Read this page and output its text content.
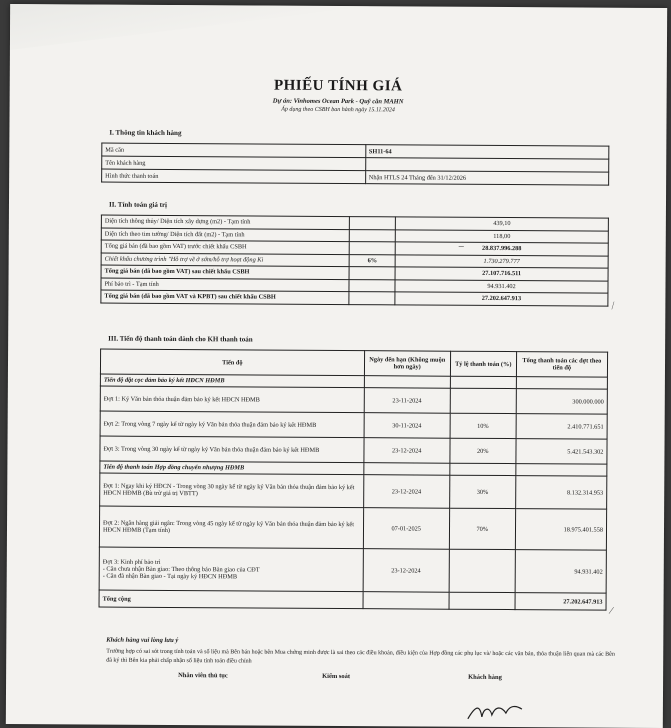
PHIẾU TÍNH GIÁ
Dự án: Vinhomes Ocean Park - Quỹ căn MAHN
Áp dụng theo CSBH ban hành ngày 15.11.2024
I. Thông tin khách hàng
Mã căn	SH11-64
Tên khách hàng	
Hình thức thanh toán	Nhận HTLS 24 Tháng đến 31/12/2026
II. Tính toán giá trị
Diện tích thông thủy/ Diện tích xây dựng (m2) - Tạm tính		439,10
Diện tích theo tim tường/ Diện tích đất (m2) - Tạm tính		118,00
Tổng giá bán (đã bao gồm VAT) trước chiết khấu CSBH		28.837.996.288
Chiết khấu chương trình "Hỗ trợ về ở sớm/hỗ trợ hoạt động Ki	6%	1.730.279.777
Tổng giá bán (đã bao gồm VAT) sau chiết khấu CSBH		27.107.716.511
Phí bảo trì - Tạm tính		94.931.402
Tổng giá bán (đã bao gồm VAT và KPBT) sau chiết khấu CSBH		27.202.647.913
–
⁄
III. Tiến độ thanh toán dành cho KH thanh toán
Tiến độ	Ngày đến hạn (Không muộn hơn ngày)	Tỷ lệ thanh toán (%)	Tổng thanh toán các đợt theo tiến độ
Tiến độ đặt cọc đảm bảo ký kết HĐCN HĐMB			
Đợt 1: Ký Văn bản thỏa thuận đảm bảo ký kết HĐCN HĐMB	23-11-2024		300.000.000
Đợt 2: Trong vòng 7 ngày kể từ ngày ký Văn bản thỏa thuận đảm bảo ký kết HĐMB	30-11-2024	10%	2.410.771.651
Đợt 3: Trong vòng 30 ngày kể từ ngày ký Văn bản thỏa thuận đảm bảo ký kết HĐMB	23-12-2024	20%	5.421.543.302
Tiến độ thanh toán Hợp đồng chuyển nhượng HĐMB			
Đợt 1: Ngay khi ký HĐCN - Trong vòng 30 ngày kể từ ngày ký Văn bản thỏa thuận đảm bảo ký kết HĐCN HĐMB (Bù trừ giá trị VBTT)	23-12-2024	30%	8.132.314.953
Đợt 2: Ngân hàng giải ngân: Trong vòng 45 ngày kể từ ngày ký Văn bản thỏa thuận đảm bảo ký kết HĐCN HĐMB (Tạm tính)	07-01-2025	70%	18.975.401.558
Đợt 3: Kinh phí bảo trì
- Căn chưa nhận Bàn giao: Theo thông báo Bàn giao của CĐT
- Căn đã nhận Bàn giao - Tại ngày ký HĐCN HĐMB	23-12-2024		94.931.402
Tổng cộng			27.202.647.913
⁄
Khách hàng vui lòng lưu ý
Trường hợp có sai sót trong tính toán và số liệu mà Bên bán hoặc bên Mua chứng minh được là sai theo các điều khoản, điều kiện của Hợp đồng các phụ lục và/ hoặc các văn bản, thỏa thuận liên quan mà các Bên đã ký thì Bên kia phải chấp nhận số liệu tính toán điều chỉnh
Nhân viên thủ tục	Kiểm soát	Khách hàng
